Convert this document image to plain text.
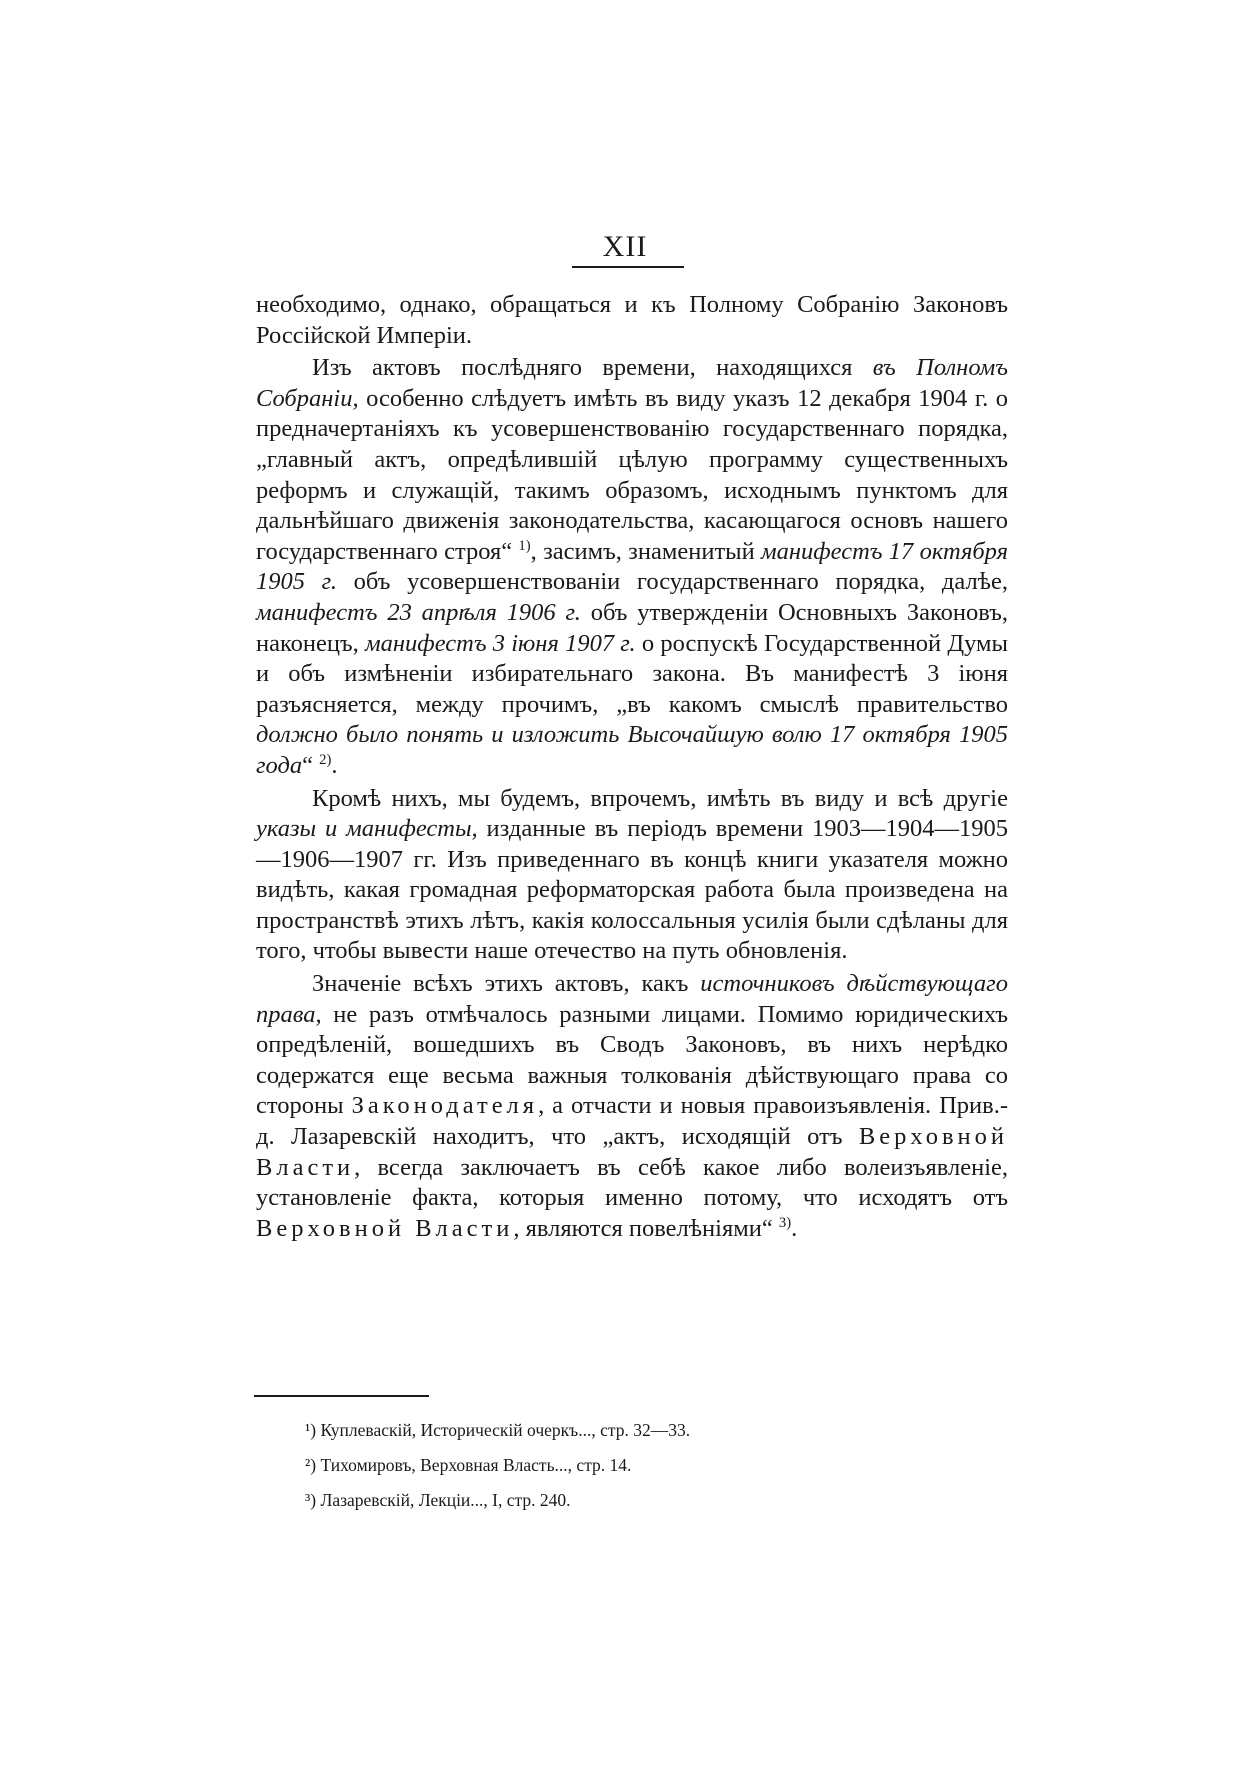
XII

необходимо, однако, обращаться и къ Полному Собранію Законовъ Россійской Имперіи.

Изъ актовъ послѣдняго времени, находящихся въ Полномъ Собраніи, особенно слѣдуетъ имѣть въ виду указъ 12 декабря 1904 г. о предначертаніяхъ къ усовершенствованію государственнаго порядка, „главный актъ, опредѣлившій цѣлую программу существенныхъ реформъ и служащій, такимъ образомъ, исходнымъ пунктомъ для дальнѣйшаго движенія законодательства, касающагося основъ нашего государственнаго строя“ $^{1)}$, засимъ, знаменитый манифестъ 17 октября 1905 г. объ усовершенствованіи государственнаго порядка, далѣе, манифестъ 23 апрѣля 1906 г. объ утвержденіи Основныхъ Законовъ, наконецъ, манифестъ 3 іюня 1907 г. о роспускѣ Государственной Думы и объ измѣненіи избирательнаго закона. Въ манифестѣ 3 іюня разъясняется, между прочимъ, „въ какомъ смыслѣ правительство должно было понять и изложить Высочайшую волю 17 октября 1905 года“ $^{2)}$.

Кромѣ нихъ, мы будемъ, впрочемъ, имѣть въ виду и всѣ другіе указы и манифесты, изданные въ періодъ времени 1903—1904—1905—1906—1907 гг. Изъ приведеннаго въ концѣ книги указателя можно видѣть, какая громадная реформаторская работа была произведена на пространствѣ этихъ лѣтъ, какія колоссальныя усилія были сдѣланы для того, чтобы вывести наше отечество на путь обновленія.

Значеніе всѣхъ этихъ актовъ, какъ источниковъ дѣйствующаго права, не разъ отмѣчалось разными лицами. Помимо юридическихъ опредѣленій, вошедшихъ въ Сводъ Законовъ, въ нихъ нерѣдко содержатся еще весьма важныя толкованія дѣйствующаго права со стороны Законодателя, а отчасти и новыя правоизъявленія. Прив.-д. Лазаревскій находитъ, что „актъ, исходящій отъ Верховной Власти, всегда заключаетъ въ себѣ какое либо волеизъявленіе, установленіе факта, которыя именно потому, что исходятъ отъ Верховной Власти, являются повелѣніями“ $^{3)}$.

¹) Куплеваскій, Историческій очеркъ..., стр. 32—33.
²) Тихомировъ, Верховная Власть..., стр. 14.
³) Лазаревскій, Лекціи..., I, стр. 240.
